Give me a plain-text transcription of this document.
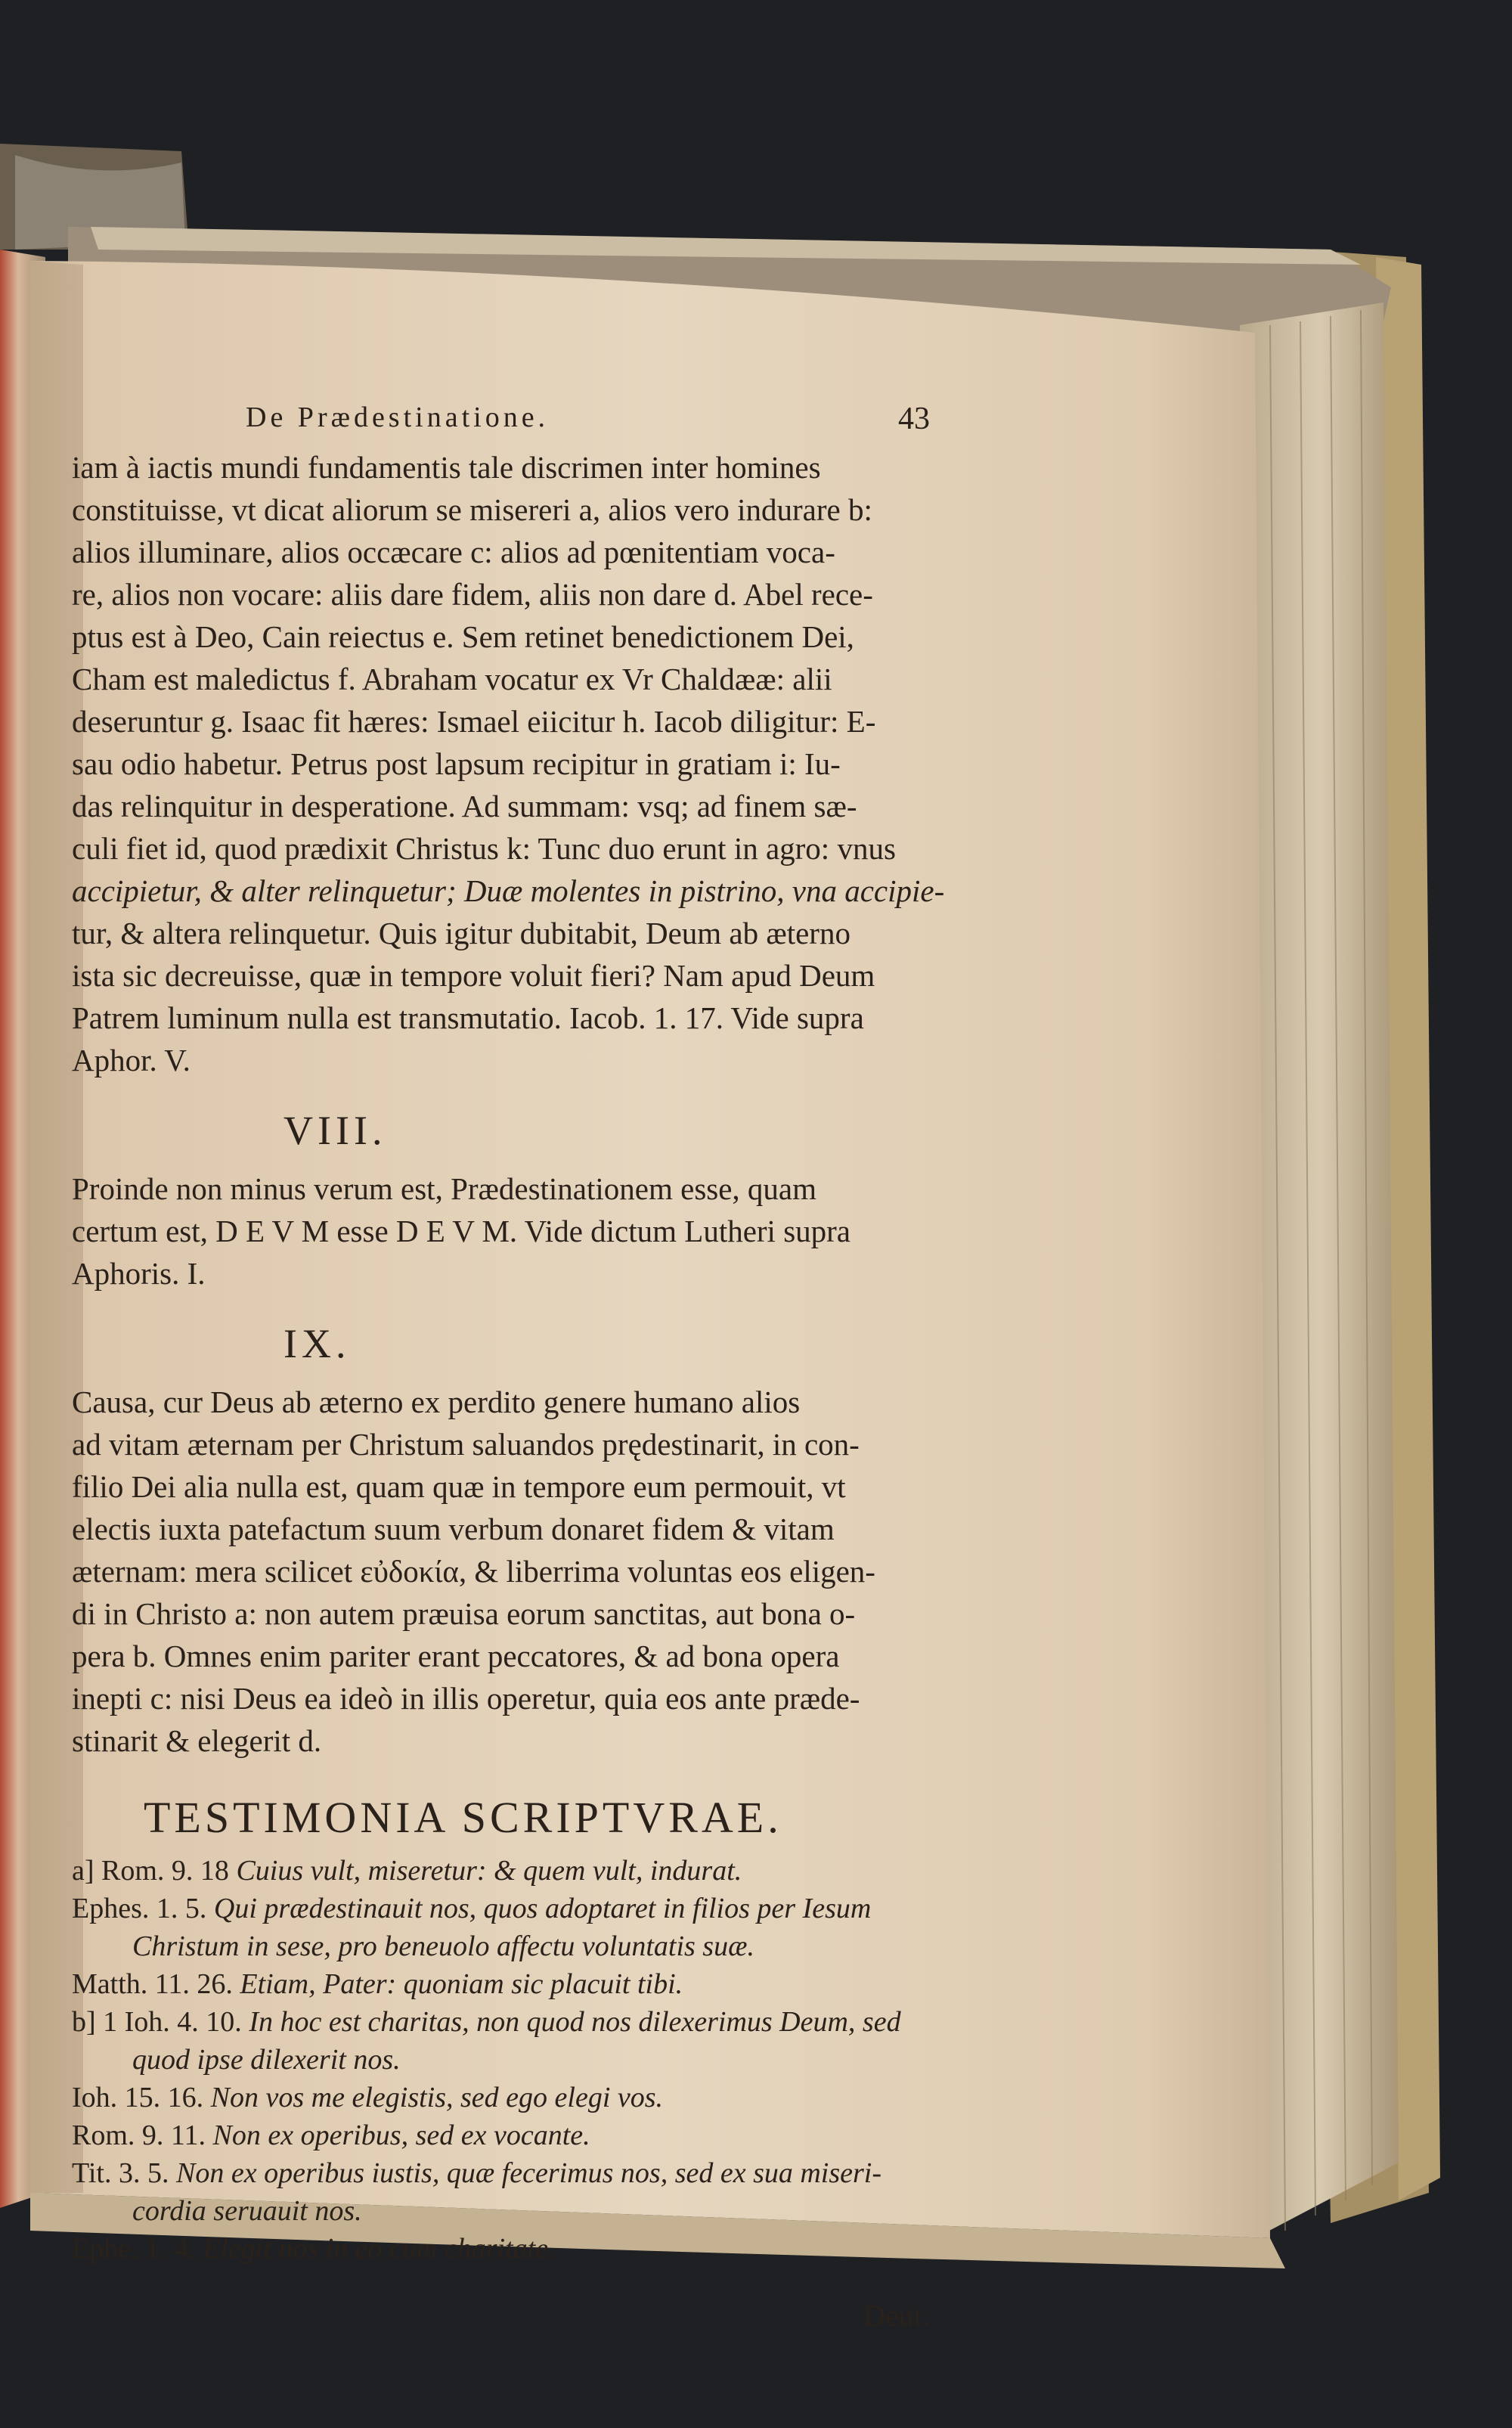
De Prædestinatione.	43

iam à iactis mundi fundamentis tale discrimen inter homines

constituisse, vt dicat aliorum se misereri a, alios vero indurare b:

alios illuminare, alios occæcare c: alios ad pœnitentiam voca-

re, alios non vocare: aliis dare fidem, aliis non dare d. Abel rece-

ptus est à Deo, Cain reiectus e. Sem retinet benedictionem Dei,

Cham est maledictus f. Abraham vocatur ex Vr Chaldææ: alii

deseruntur g. Isaac fit hæres: Ismael eiicitur h. Iacob diligitur: E-

sau odio habetur. Petrus post lapsum recipitur in gratiam i: Iu-

das relinquitur in desperatione. Ad summam: vsq; ad finem sæ-

culi fiet id, quod prædixit Christus k: Tunc duo erunt in agro: vnus

accipietur, & alter relinquetur; Duæ molentes in pistrino, vna accipie-

tur, & altera relinquetur. Quis igitur dubitabit, Deum ab æterno

ista sic decreuisse, quæ in tempore voluit fieri? Nam apud Deum

Patrem luminum nulla est transmutatio. Iacob. 1. 17. Vide supra

Aphor. V.

VIII.

Proinde non minus verum est, Prædestinationem esse, quam

certum est, D E V M esse D E V M. Vide dictum Lutheri supra

Aphoris. I.

IX.

Causa, cur Deus ab æterno ex perdito genere humano alios

ad vitam æternam per Christum saluandos prędestinarit, in con-

filio Dei alia nulla est, quam quæ in tempore eum permouit, vt

electis iuxta patefactum suum verbum donaret fidem & vitam

æternam: mera scilicet εὐδοκία, & liberrima voluntas eos eligen-

di in Christo a: non autem præuisa eorum sanctitas, aut bona o-

pera b. Omnes enim pariter erant peccatores, & ad bona opera

inepti c: nisi Deus ea ideò in illis operetur, quia eos ante præde-

stinarit & elegerit d.

TESTIMONIA SCRIPTVRAE.

a] Rom. 9. 18 Cuius vult, miseretur: & quem vult, indurat.

Ephes. 1. 5. Qui prædestinauit nos, quos adoptaret in filios per Iesum

Christum in sese, pro beneuolo affectu voluntatis suæ.

Matth. 11. 26. Etiam, Pater: quoniam sic placuit tibi.

b] 1 Ioh. 4. 10. In hoc est charitas, non quod nos dilexerimus Deum, sed

quod ipse dilexerit nos.

Ioh. 15. 16. Non vos me elegistis, sed ego elegi vos.

Rom. 9. 11. Non ex operibus, sed ex vocante.

Tit. 3. 5. Non ex operibus iustis, quæ fecerimus nos, sed ex sua miseri-

cordia seruauit nos.

Ephe. 1. 4. Elegit nos in eo cum charitate.

Deut.
